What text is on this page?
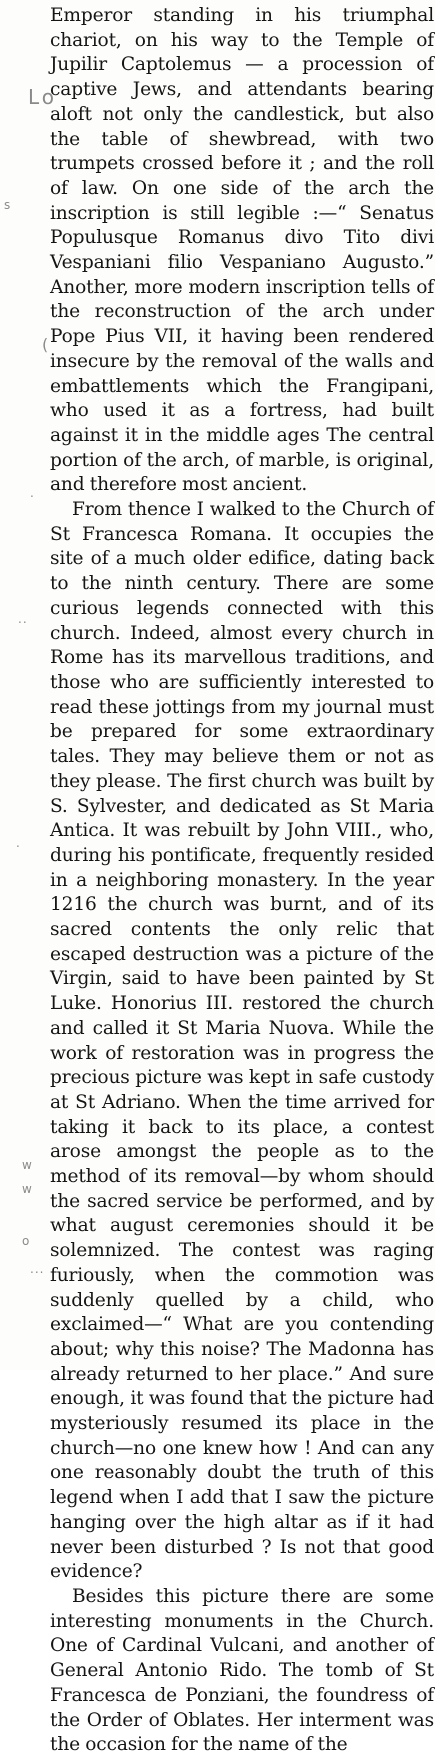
Lo
s
(
.
..
.
w
w
o
...

Emperor standing in his triumphal chariot, on his way to the Temple of Jupilir Captolemus — a procession of captive Jews, and attendants bearing aloft not only the candlestick, but also the table of shewbread, with two trumpets crossed before it ; and the roll of law. On one side of the arch the inscription is still legible :—“ Senatus Populusque Romanus divo Tito divi Vespaniani filio Vespaniano Augusto.” Another, more modern inscription tells of the reconstruction of the arch under Pope Pius VII, it having been rendered insecure by the removal of the walls and embattlements which the Frangipani, who used it as a fortress, had built against it in the middle ages The central portion of the arch, of marble, is original, and therefore most ancient.

From thence I walked to the Church of St Francesca Romana. It occupies the site of a much older edifice, dating back to the ninth century. There are some curious legends connected with this church. Indeed, almost every church in Rome has its marvellous traditions, and those who are sufficiently interested to read these jottings from my journal must be prepared for some extraordinary tales. They may believe them or not as they please. The first church was built by S. Sylvester, and dedicated as St Maria Antica. It was rebuilt by John VIII., who, during his pontificate, frequently resided in a neighboring monastery. In the year 1216 the church was burnt, and of its sacred contents the only relic that escaped destruction was a picture of the Virgin, said to have been painted by St Luke. Honorius III. restored the church and called it St Maria Nuova. While the work of restoration was in progress the precious picture was kept in safe custody at St Adriano. When the time arrived for taking it back to its place, a contest arose amongst the people as to the method of its removal—by whom should the sacred service be performed, and by what august ceremonies should it be solemnized. The contest was raging furiously, when the commotion was suddenly quelled by a child, who exclaimed—“ What are you contending about; why this noise? The Madonna has already returned to her place.” And sure enough, it was found that the picture had mysteriously resumed its place in the church—no one knew how ! And can any one reasonably doubt the truth of this legend when I add that I saw the picture hanging over the high altar as if it had never been disturbed ? Is not that good evidence?

Besides this picture there are some interesting monuments in the Church. One of Cardinal Vulcani, and another of General Antonio Rido. The tomb of St Francesca de Ponziani, the foundress of the Order of Oblates. Her interment was the occasion for the name of the
